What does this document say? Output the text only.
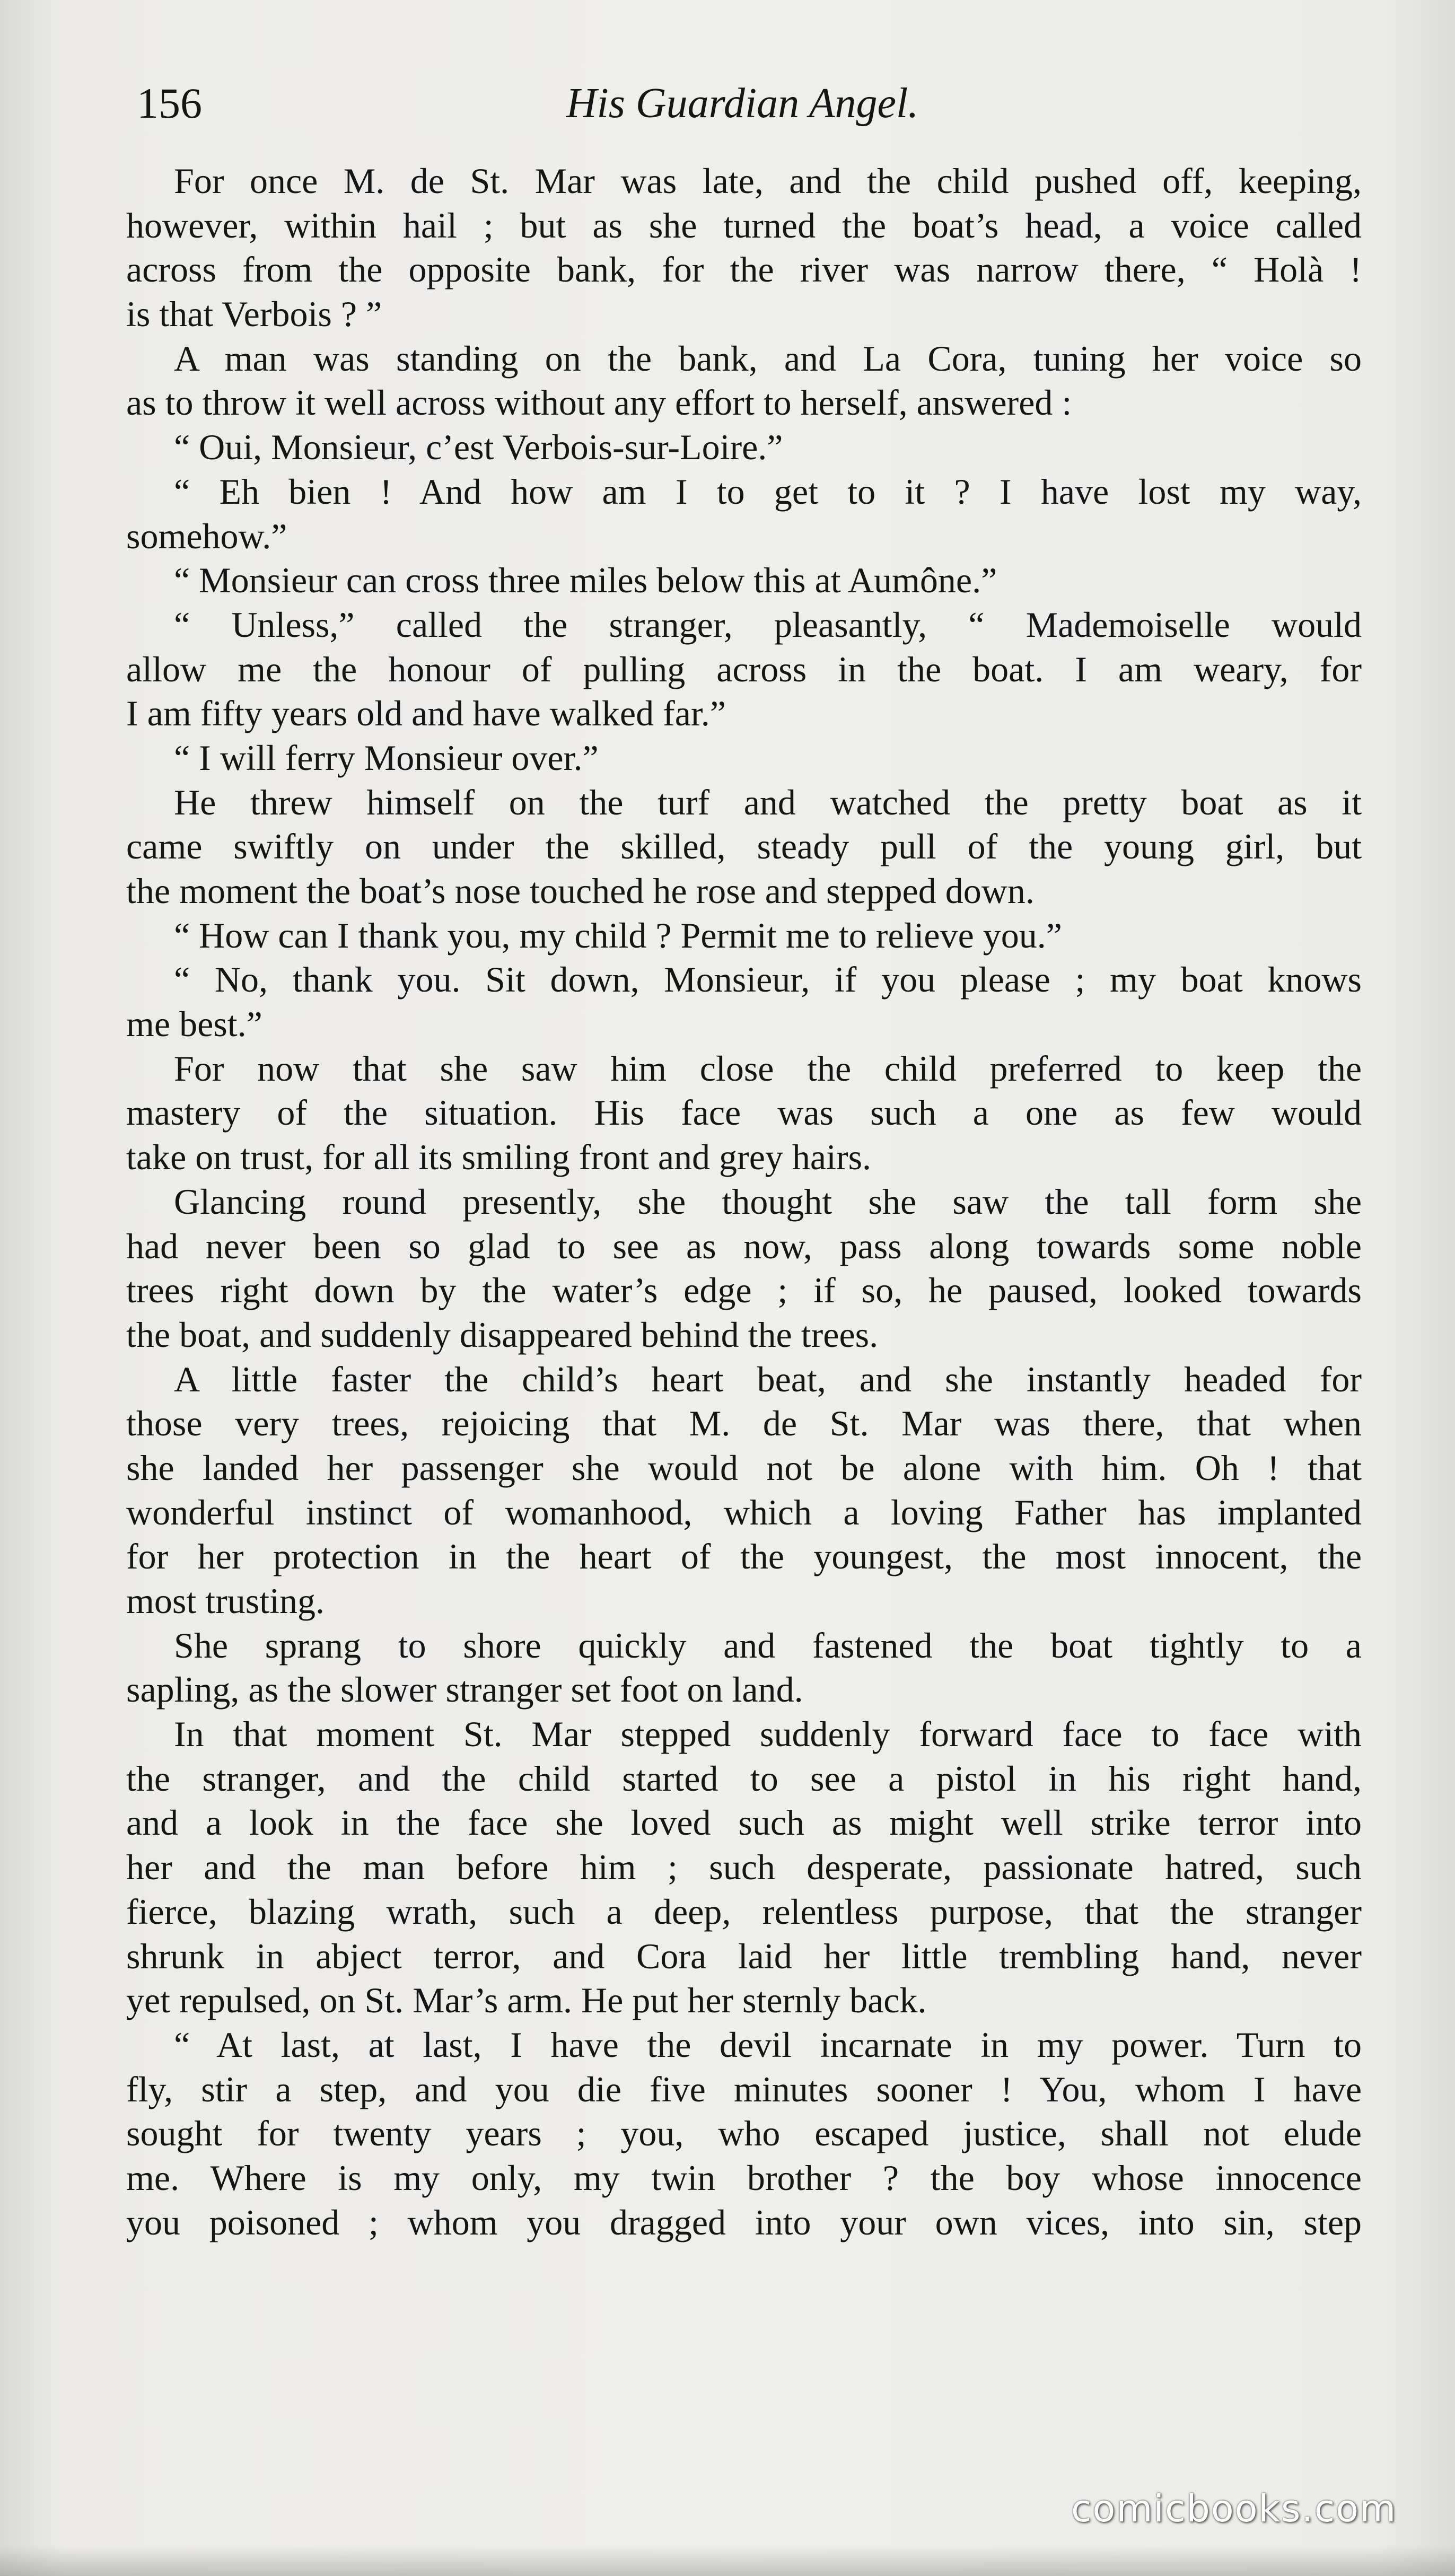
His Guardian Angel.
156
For once M. de St. Mar was late, and the child pushed off, keeping,
however, within hail ; but as she turned the boat’s head, a voice called
across from the opposite bank, for the river was narrow there, “ Holà !
is that Verbois ? ”
A man was standing on the bank, and La Cora, tuning her voice so
as to throw it well across without any effort to herself, answered :
“ Oui, Monsieur, c’est Verbois-sur-Loire.”
“ Eh bien ! And how am I to get to it ? I have lost my way,
somehow.”
“ Monsieur can cross three miles below this at Aumône.”
“ Unless,” called the stranger, pleasantly, “ Mademoiselle would
allow me the honour of pulling across in the boat. I am weary, for
I am fifty years old and have walked far.”
“ I will ferry Monsieur over.”
He threw himself on the turf and watched the pretty boat as it
came swiftly on under the skilled, steady pull of the young girl, but
the moment the boat’s nose touched he rose and stepped down.
“ How can I thank you, my child ? Permit me to relieve you.”
“ No, thank you. Sit down, Monsieur, if you please ; my boat knows
me best.”
For now that she saw him close the child preferred to keep the
mastery of the situation. His face was such a one as few would
take on trust, for all its smiling front and grey hairs.
Glancing round presently, she thought she saw the tall form she
had never been so glad to see as now, pass along towards some noble
trees right down by the water’s edge ; if so, he paused, looked towards
the boat, and suddenly disappeared behind the trees.
A little faster the child’s heart beat, and she instantly headed for
those very trees, rejoicing that M. de St. Mar was there, that when
she landed her passenger she would not be alone with him. Oh ! that
wonderful instinct of womanhood, which a loving Father has implanted
for her protection in the heart of the youngest, the most innocent, the
most trusting.
She sprang to shore quickly and fastened the boat tightly to a
sapling, as the slower stranger set foot on land.
In that moment St. Mar stepped suddenly forward face to face with
the stranger, and the child started to see a pistol in his right hand,
and a look in the face she loved such as might well strike terror into
her and the man before him ; such desperate, passionate hatred, such
fierce, blazing wrath, such a deep, relentless purpose, that the stranger
shrunk in abject terror, and Cora laid her little trembling hand, never
yet repulsed, on St. Mar’s arm. He put her sternly back.
“ At last, at last, I have the devil incarnate in my power. Turn to
fly, stir a step, and you die five minutes sooner ! You, whom I have
sought for twenty years ; you, who escaped justice, shall not elude
me. Where is my only, my twin brother ? the boy whose innocence
you poisoned ; whom you dragged into your own vices, into sin, step
comicbooks.com
